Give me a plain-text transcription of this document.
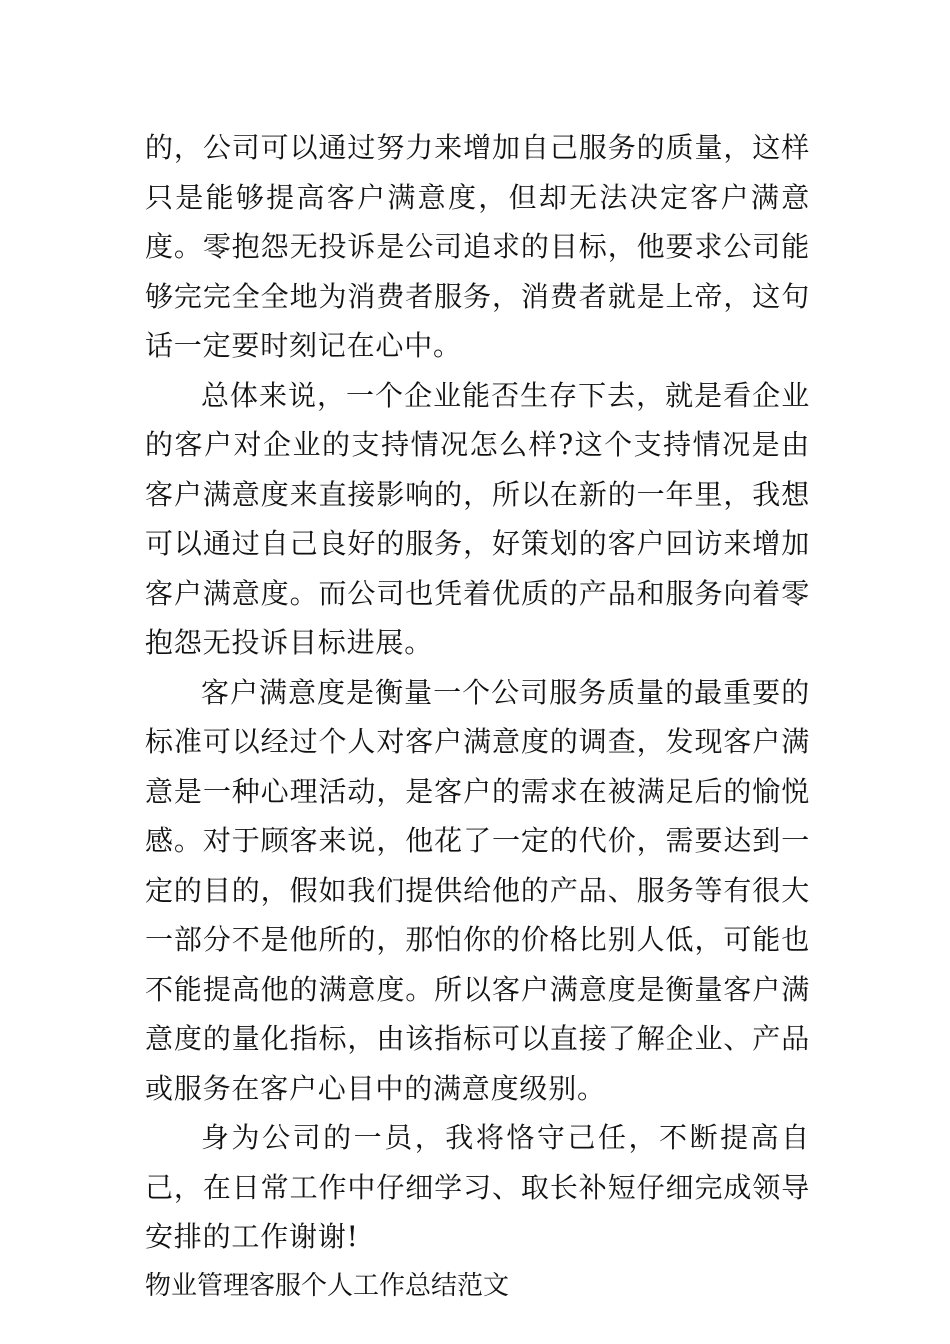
的，公司可以通过努力来增加自己服务的质量，这样只是能够提高客户满意度，但却无法决定客户满意度。零抱怨无投诉是公司追求的目标，他要求公司能够完完全全地为消费者服务，消费者就是上帝，这句话一定要时刻记在心中。

总体来说，一个企业能否生存下去，就是看企业的客户对企业的支持情况怎么样?这个支持情况是由客户满意度来直接影响的，所以在新的一年里，我想可以通过自己良好的服务，好策划的客户回访来增加客户满意度。而公司也凭着优质的产品和服务向着零抱怨无投诉目标进展。

客户满意度是衡量一个公司服务质量的最重要的标准可以经过个人对客户满意度的调查，发现客户满意是一种心理活动，是客户的需求在被满足后的愉悦感。对于顾客来说，他花了一定的代价，需要达到一定的目的，假如我们提供给他的产品、服务等有很大一部分不是他所的，那怕你的价格比别人低，可能也不能提高他的满意度。所以客户满意度是衡量客户满意度的量化指标，由该指标可以直接了解企业、产品或服务在客户心目中的满意度级别。

身为公司的一员，我将恪守己任，不断提高自己，在日常工作中仔细学习、取长补短仔细完成领导安排的工作谢谢!

物业管理客服个人工作总结范文
